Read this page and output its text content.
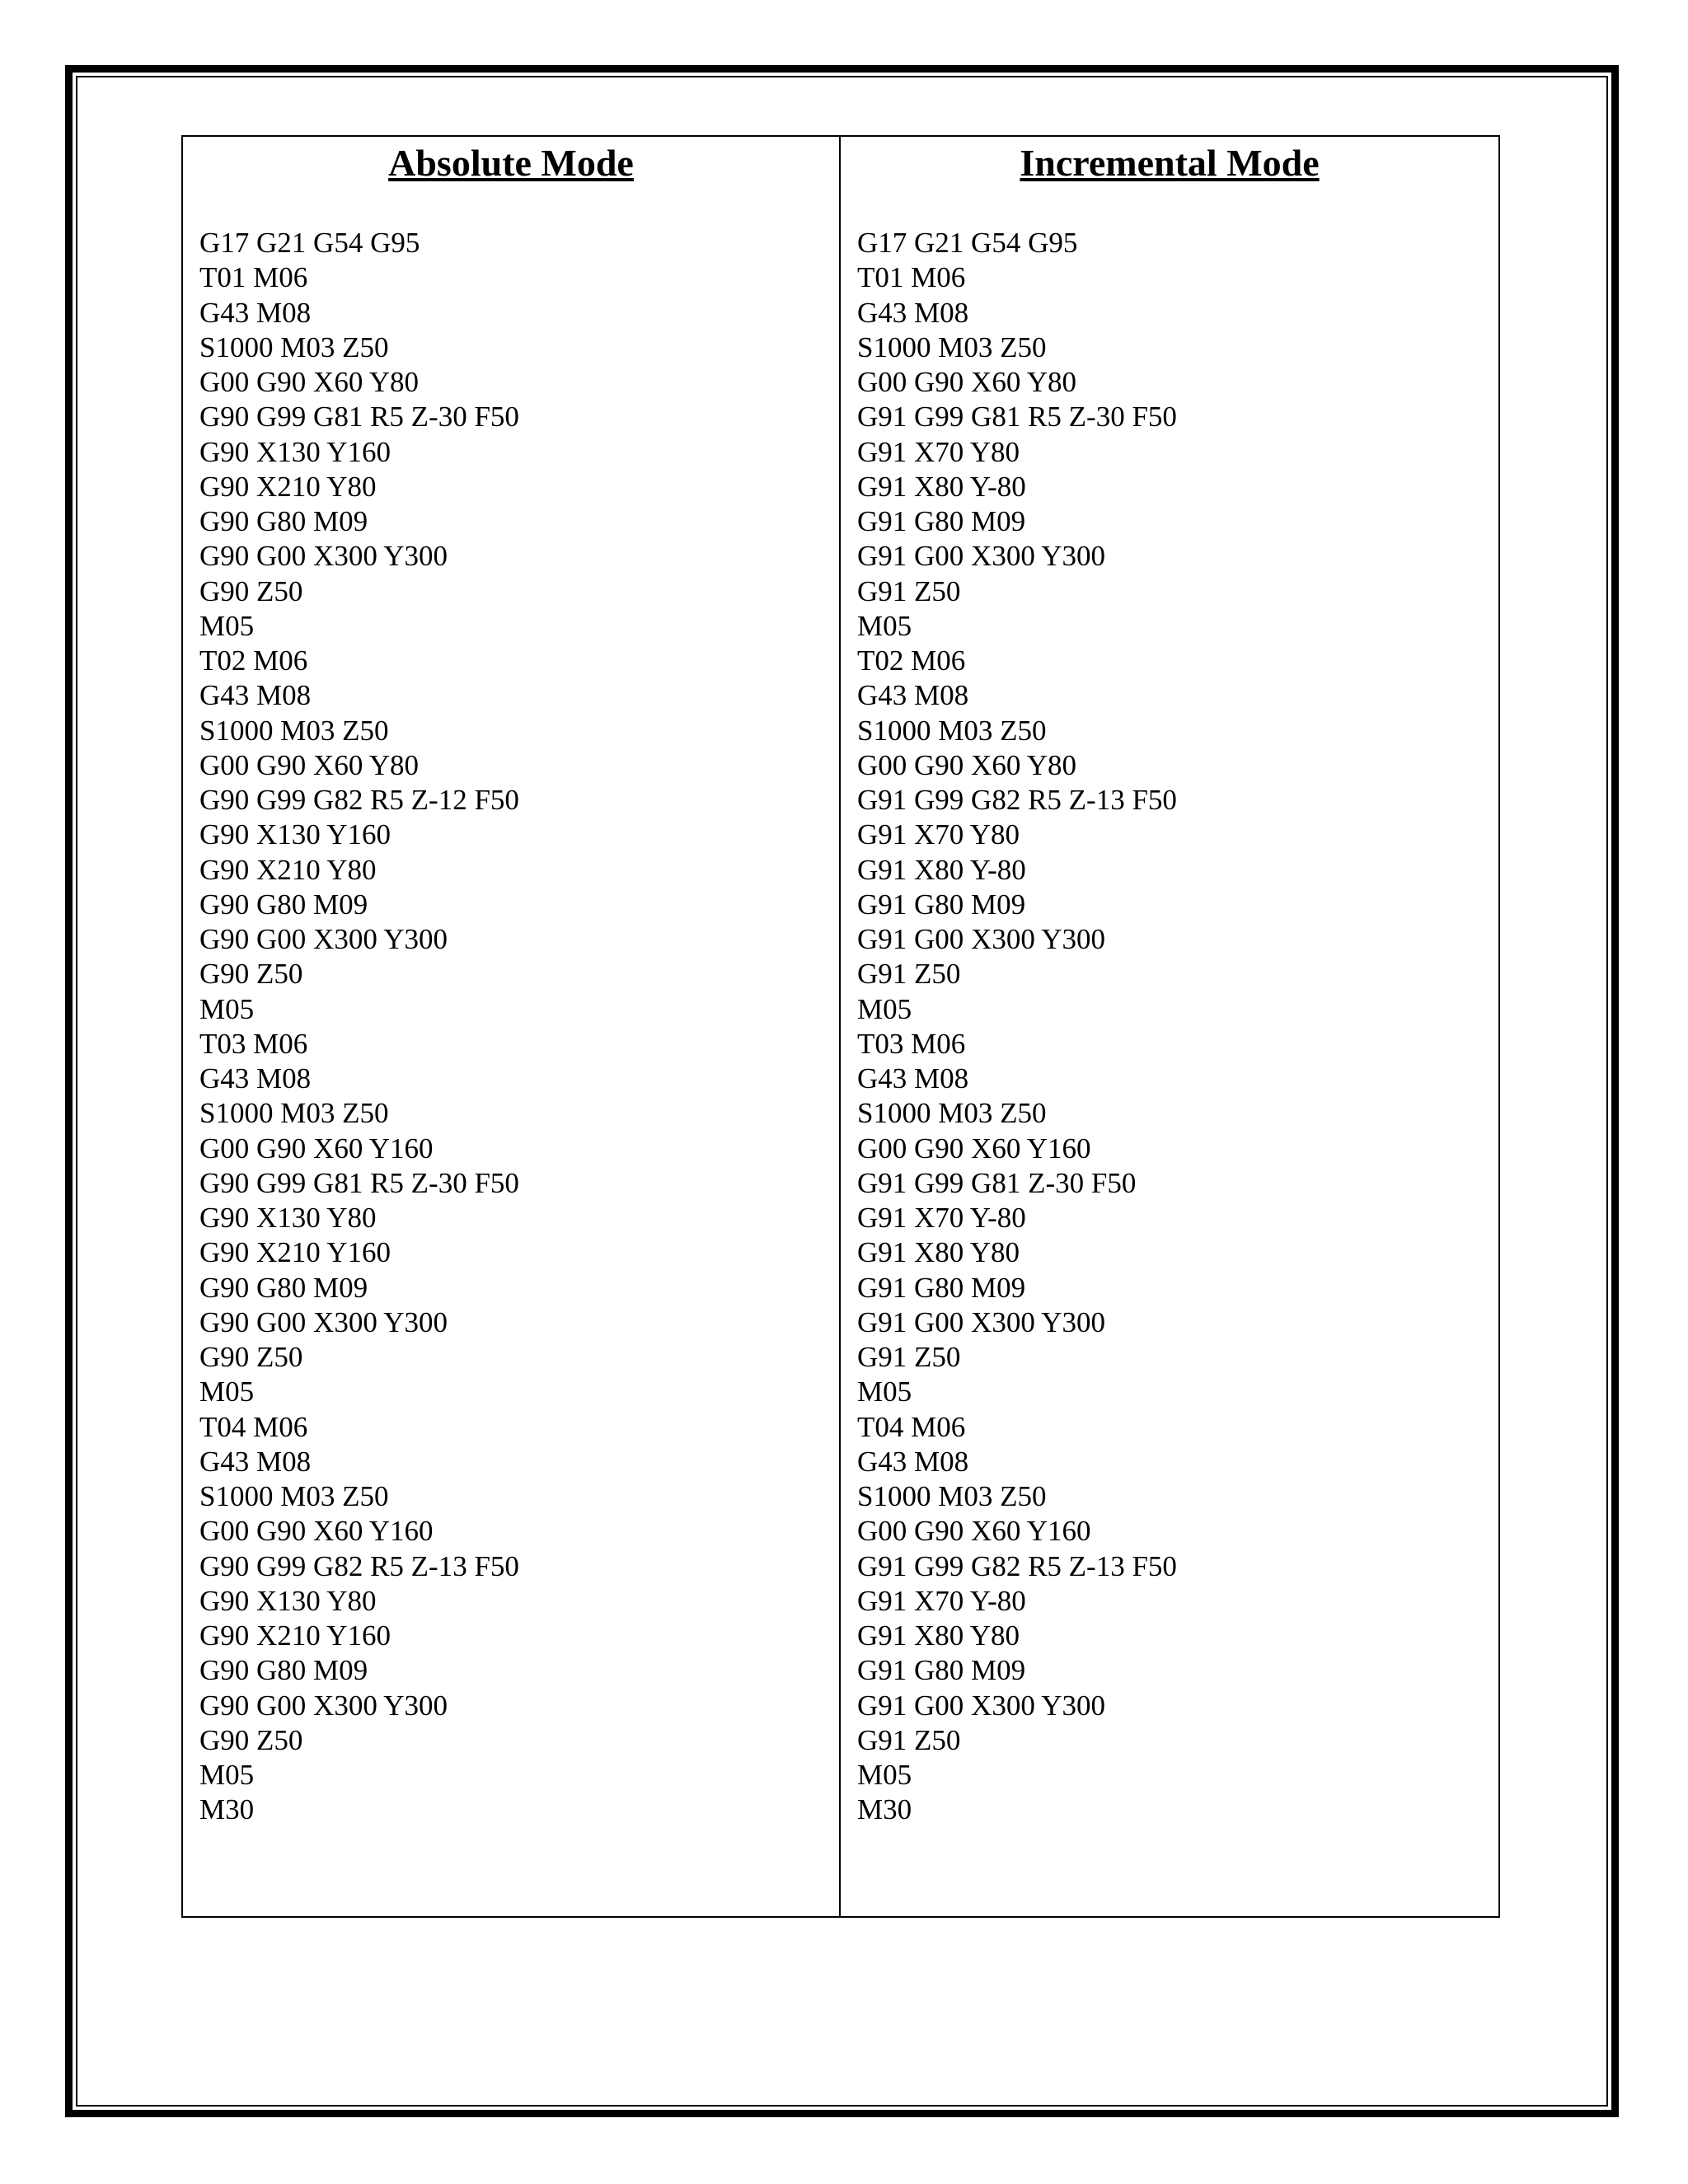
Absolute Mode
G17 G21 G54 G95
T01 M06
G43 M08
S1000 M03 Z50
G00 G90 X60 Y80
G90 G99 G81 R5 Z-30 F50
G90 X130 Y160
G90 X210 Y80
G90 G80 M09
G90 G00 X300 Y300
G90 Z50
M05
T02 M06
G43 M08
S1000 M03 Z50
G00 G90 X60 Y80
G90 G99 G82 R5 Z-12 F50
G90 X130 Y160
G90 X210 Y80
G90 G80 M09
G90 G00 X300 Y300
G90 Z50
M05
T03 M06
G43 M08
S1000 M03 Z50
G00 G90 X60 Y160
G90 G99 G81 R5 Z-30 F50
G90 X130 Y80
G90 X210 Y160
G90 G80 M09
G90 G00 X300 Y300
G90 Z50
M05
T04 M06
G43 M08
S1000 M03 Z50
G00 G90 X60 Y160
G90 G99 G82 R5 Z-13 F50
G90 X130 Y80
G90 X210 Y160
G90 G80 M09
G90 G00 X300 Y300
G90 Z50
M05
M30
Incremental Mode
G17 G21 G54 G95
T01 M06
G43 M08
S1000 M03 Z50
G00 G90 X60 Y80
G91 G99 G81 R5 Z-30 F50
G91 X70 Y80
G91 X80 Y-80
G91 G80 M09
G91 G00 X300 Y300
G91 Z50
M05
T02 M06
G43 M08
S1000 M03 Z50
G00 G90 X60 Y80
G91 G99 G82 R5 Z-13 F50
G91 X70 Y80
G91 X80 Y-80
G91 G80 M09
G91 G00 X300 Y300
G91 Z50
M05
T03 M06
G43 M08
S1000 M03 Z50
G00 G90 X60 Y160
G91 G99 G81 Z-30 F50
G91 X70 Y-80
G91 X80 Y80
G91 G80 M09
G91 G00 X300 Y300
G91 Z50
M05
T04 M06
G43 M08
S1000 M03 Z50
G00 G90 X60 Y160
G91 G99 G82 R5 Z-13 F50
G91 X70 Y-80
G91 X80 Y80
G91 G80 M09
G91 G00 X300 Y300
G91 Z50
M05
M30
